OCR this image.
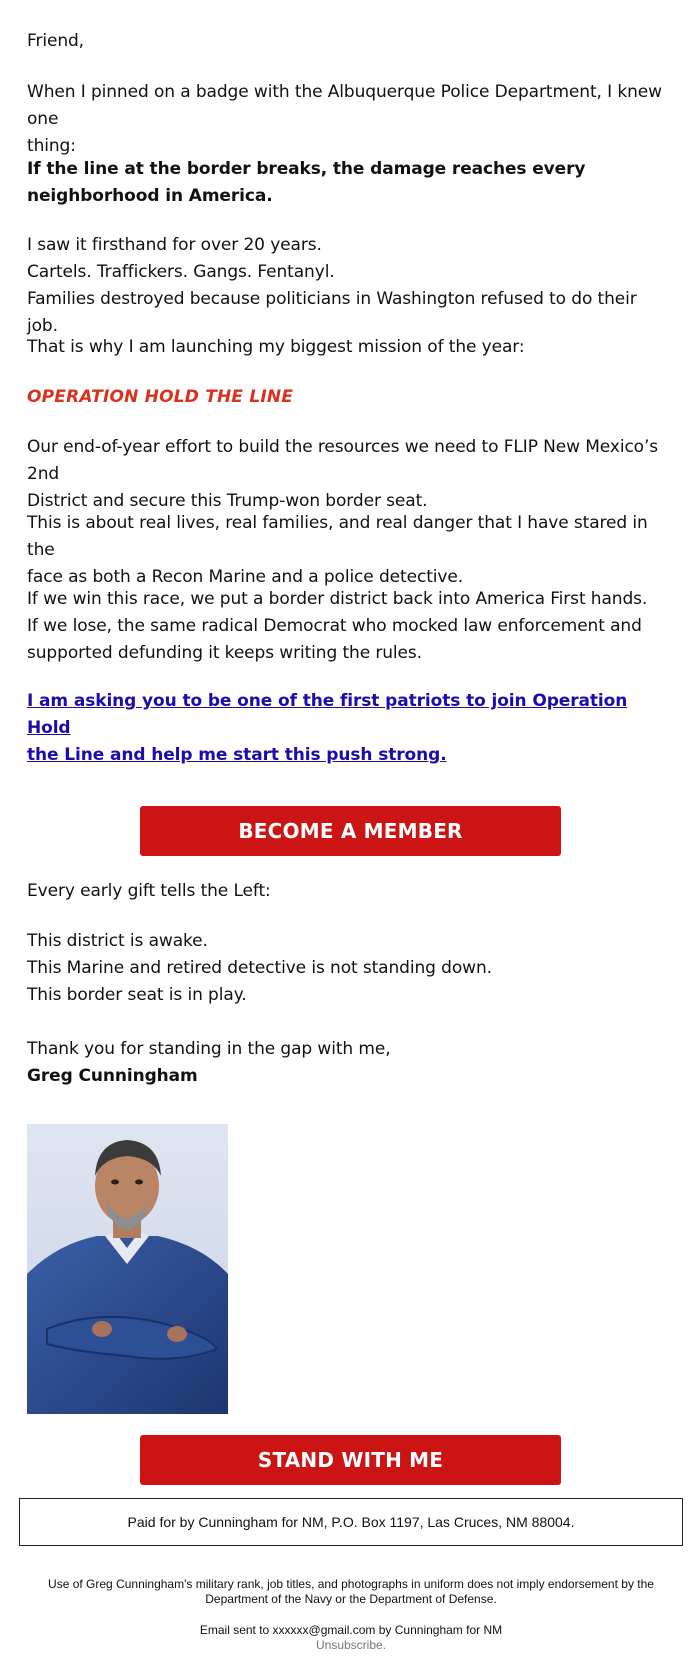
Friend,

When I pinned on a badge with the Albuquerque Police Department, I knew one
thing:

If the line at the border breaks, the damage reaches every
neighborhood in America.

I saw it firsthand for over 20 years.
Cartels. Traffickers. Gangs. Fentanyl.
Families destroyed because politicians in Washington refused to do their job.

That is why I am launching my biggest mission of the year:

OPERATION HOLD THE LINE

Our end-of-year effort to build the resources we need to FLIP New Mexico’s 2nd
District and secure this Trump-won border seat.

This is about real lives, real families, and real danger that I have stared in the
face as both a Recon Marine and a police detective.

If we win this race, we put a border district back into America First hands.
If we lose, the same radical Democrat who mocked law enforcement and
supported defunding it keeps writing the rules.

I am asking you to be one of the first patriots to join Operation Hold
the Line and help me start this push strong.

BECOME A MEMBER

Every early gift tells the Left:

This district is awake.
This Marine and retired detective is not standing down.
This border seat is in play.

Thank you for standing in the gap with me,
Greg Cunningham

STAND WITH ME
Paid for by Cunningham for NM, P.O. Box 1197, Las Cruces, NM 88004.
Use of Greg Cunningham's military rank, job titles, and photographs in uniform does not imply endorsement by the
Department of the Navy or the Department of Defense.
Email sent to xxxxxx@gmail.com by Cunningham for NM
Unsubscribe.
